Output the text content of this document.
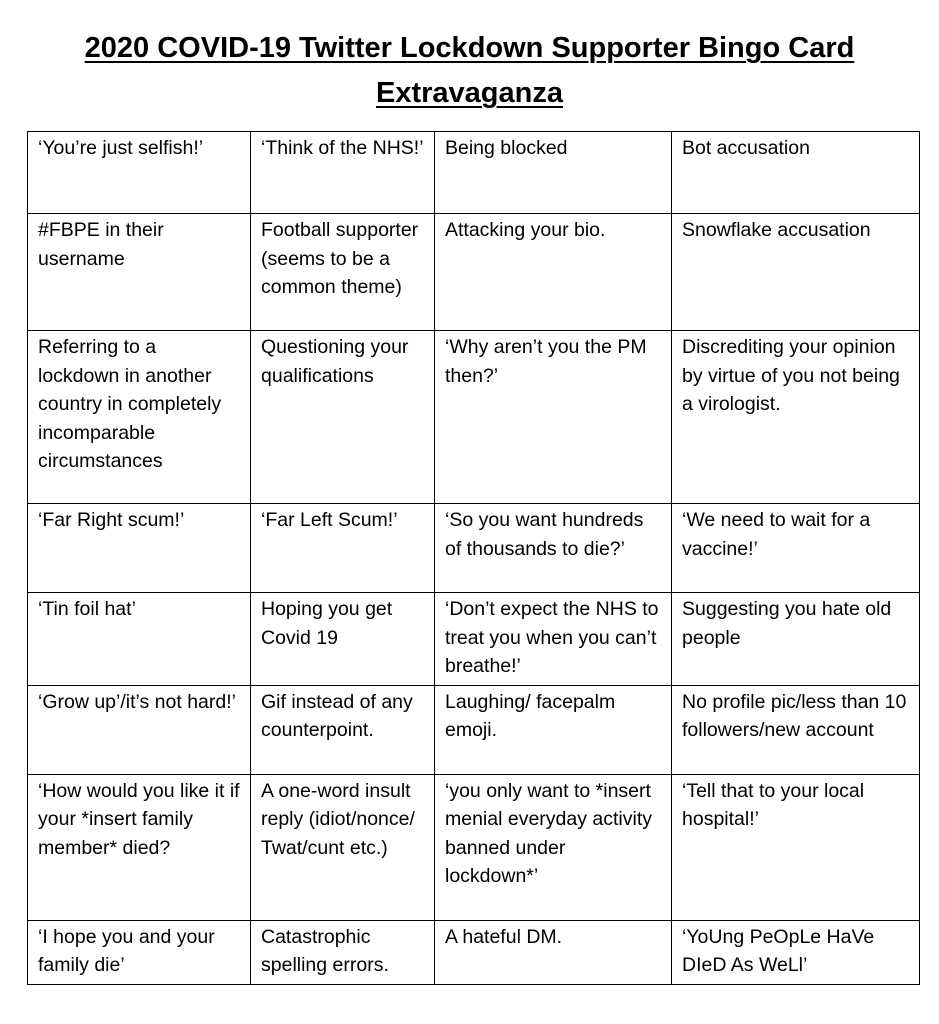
2020 COVID-19 Twitter Lockdown Supporter Bingo Card
Extravaganza
‘You’re just selfish!’	‘Think of the NHS!’	Being blocked	Bot accusation
#FBPE in their username	Football supporter (seems to be a common theme)	Attacking your bio.	Snowflake accusation
Referring to a lockdown in another country in completely incomparable circumstances	Questioning your qualifications	‘Why aren’t you the PM then?’	Discrediting your opinion by virtue of you not being a virologist.
‘Far Right scum!’	‘Far Left Scum!’	‘So you want hundreds of thousands to die?’	‘We need to wait for a vaccine!’
‘Tin foil hat’	Hoping you get Covid 19	‘Don’t expect the NHS to treat you when you can’t breathe!’	Suggesting you hate old people
‘Grow up’/it’s not hard!’	Gif instead of any counterpoint.	Laughing/ facepalm emoji.	No profile pic/less than 10 followers/new account
‘How would you like it if your *insert family member* died?	A one-word insult reply (idiot/nonce/ Twat/cunt etc.)	‘you only want to *insert menial everyday activity banned under lockdown*’	‘Tell that to your local hospital!’
‘I hope you and your family die’	Catastrophic spelling errors.	A hateful DM.	‘YoUng PeOpLe HaVe DIeD As WeLl’
